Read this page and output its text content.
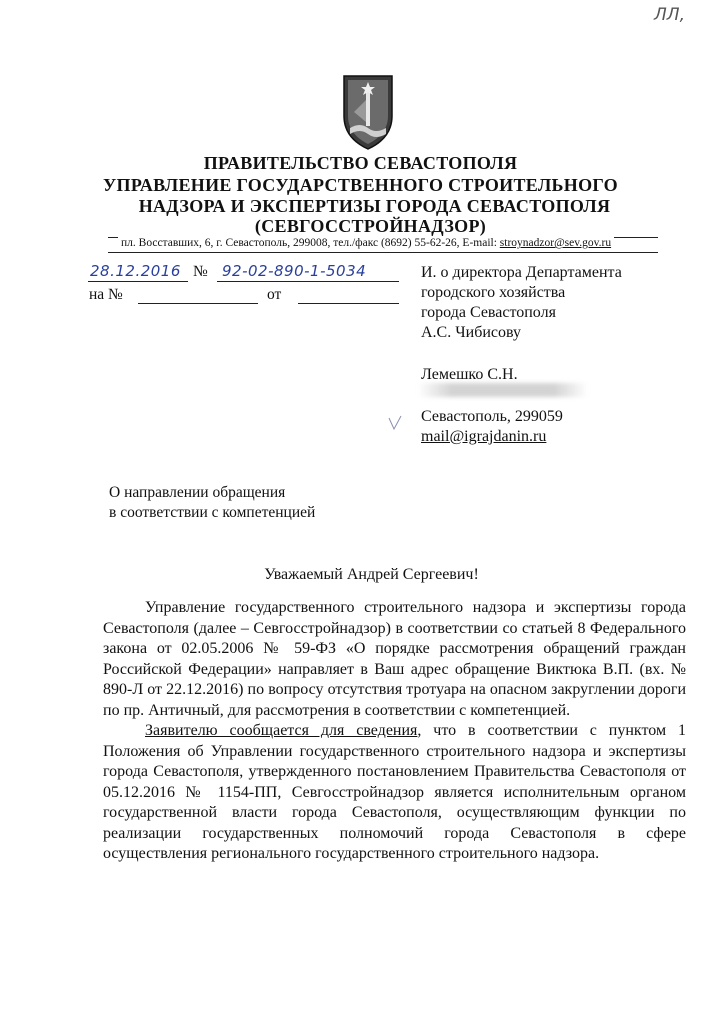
ЛЛ,
ПРАВИТЕЛЬСТВО СЕВАСТОПОЛЯ
УПРАВЛЕНИЕ ГОСУДАРСТВЕННОГО СТРОИТЕЛЬНОГО
НАДЗОРА И ЭКСПЕРТИЗЫ ГОРОДА СЕВАСТОПОЛЯ
(СЕВГОССТРОЙНАДЗОР)
пл. Восставших, 6, г. Севастополь, 299008, тел./факс (8692) 55-62-26, E-mail: stroynadzor@sev.gov.ru
28.12.2016 № 92-02-890-1-5034
на №	от
И. о директора Департамента
городского хозяйства
города Севастополя
А.С. Чибисову
Лемешко С.Н.
Севастополь, 299059
mail@igrajdanin.ru
О направлении обращения
в соответствии с компетенцией
Уважаемый Андрей Сергеевич!

Управление государственного строительного надзора и экспертизы города Севастополя (далее – Севгосстройнадзор) в соответствии со статьей 8 Федерального закона от 02.05.2006 № 59-ФЗ «О порядке рассмотрения обращений граждан Российской Федерации» направляет в Ваш адрес обращение Виктюка В.П. (вх. № 890-Л от 22.12.2016) по вопросу отсутствия тротуара на опасном закруглении дороги по пр. Античный, для рассмотрения в соответствии с компетенцией.

Заявителю сообщается для сведения, что в соответствии с пунктом 1 Положения об Управлении государственного строительного надзора и экспертизы города Севастополя, утвержденного постановлением Правительства Севастополя от 05.12.2016 № 1154-ПП, Севгосстройнадзор является исполнительным органом государственной власти города Севастополя, осуществляющим функции по реализации государственных полномочий города Севастополя в сфере осуществления регионального государственного строительного надзора.
